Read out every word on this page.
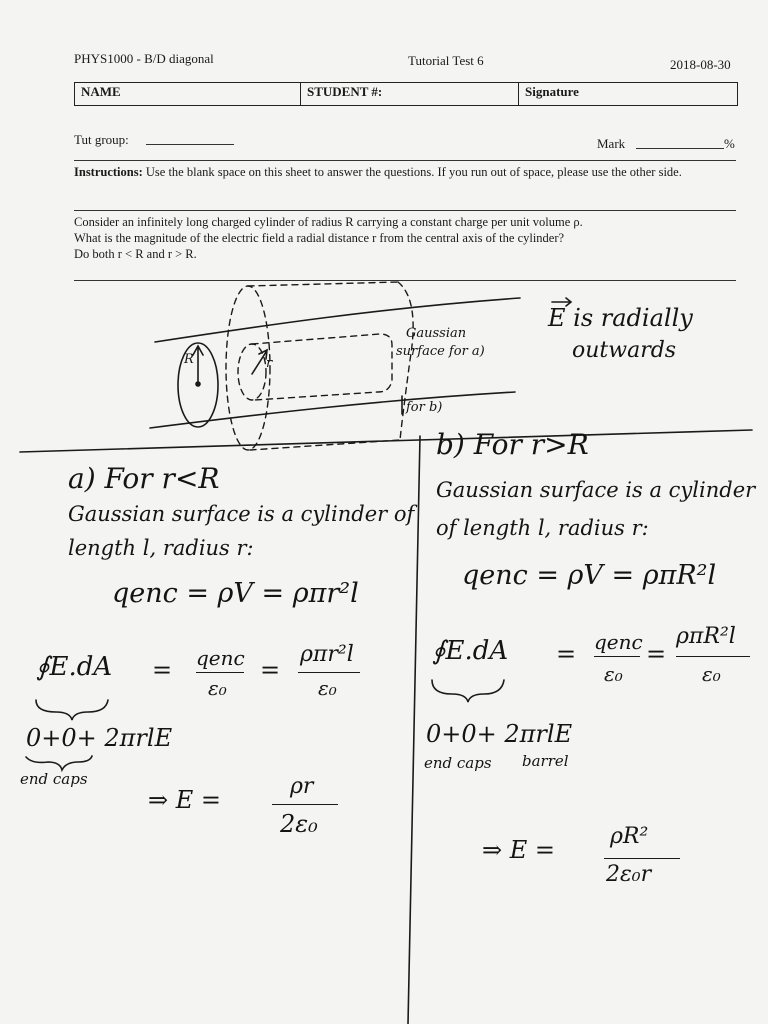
PHYS1000 - B/D diagonal	Tutorial Test 6	2018-08-30
NAME	STUDENT #:	Signature
Tut group:	Mark	%
Instructions: Use the blank space on this sheet to answer the questions. If you run out of space, please use the other side.
Consider an infinitely long charged cylinder of radius R carrying a constant charge per unit volume ρ.
What is the magnitude of the electric field a radial distance r from the central axis of the cylinder?
Do both r < R and r > R.
R	r
Gaussian
surface for a)
for b)
E is radially
outwards
a) For r<R
Gaussian surface is a cylinder of
length l, radius r:
qenc = ρV = ρπr²l
∮E.dA = qenc
ε₀
=
ρπr²l
ε₀
0+0+ 2πrlE
end caps
⇒ E =	ρr
2ε₀
b) For r>R
Gaussian surface is a cylinder
of length l, radius r:
qenc = ρV = ρπR²l
∮E.dA = qenc
ε₀
=
ρπR²l
ε₀
0+0+ 2πrlE
end caps barrel
⇒ E =	ρR²
2ε₀r
